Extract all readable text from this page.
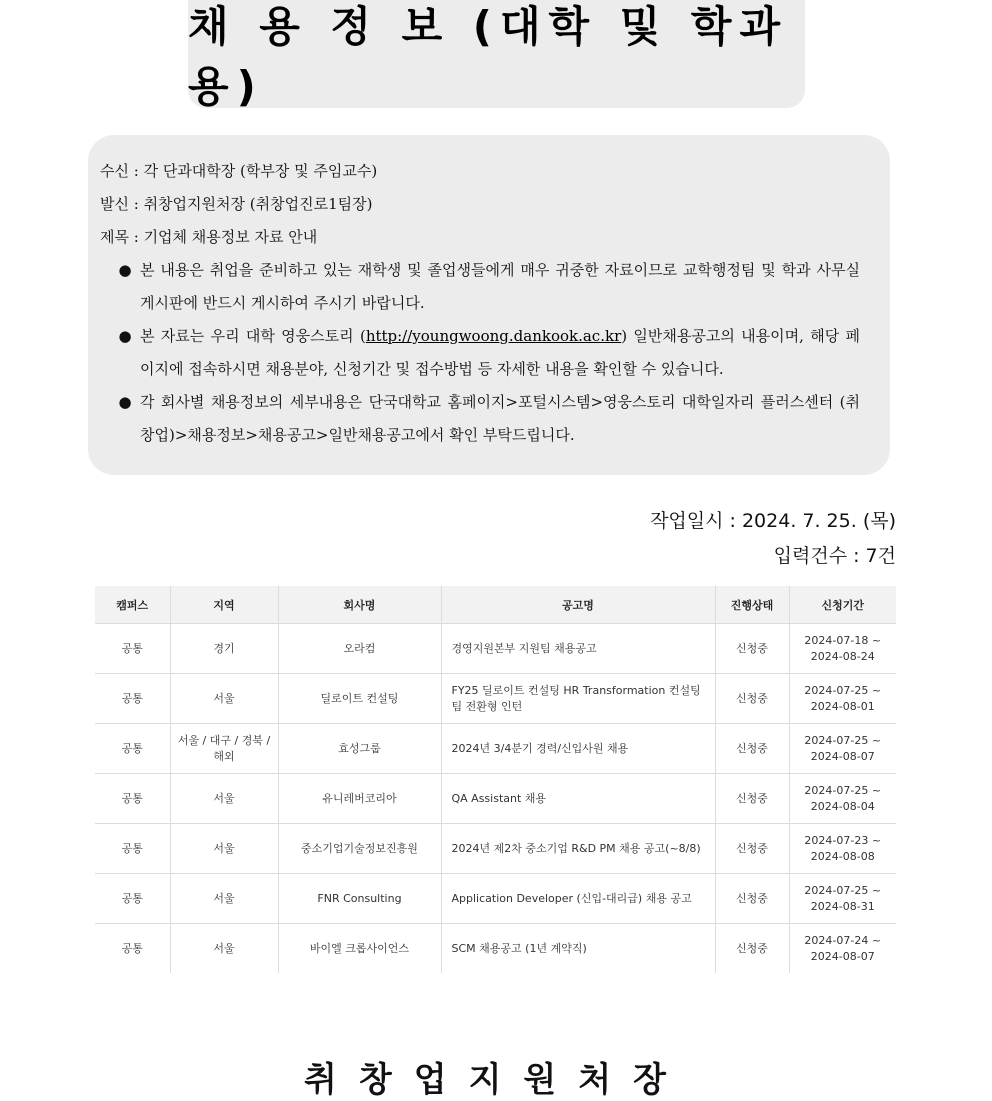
채 용 정 보 (대학 및 학과용)
수신 : 각 단과대학장 (학부장 및 주임교수)
발신 : 취창업지원처장 (취창업진로1팀장)
제목 : 기업체 채용정보 자료 안내
● 본 내용은 취업을 준비하고 있는 재학생 및 졸업생들에게 매우 귀중한 자료이므로 교학행정팀 및 학과 사무실 게시판에 반드시 게시하여 주시기 바랍니다.
● 본 자료는 우리 대학 영웅스토리 (http://youngwoong.dankook.ac.kr) 일반채용공고의 내용이며, 해당 페이지에 접속하시면 채용분야, 신청기간 및 접수방법 등 자세한 내용을 확인할 수 있습니다.
● 각 회사별 채용정보의 세부내용은 단국대학교 홈페이지>포털시스템>영웅스토리 대학일자리 플러스센터 (취창업)>채용정보>채용공고>일반채용공고에서 확인 부탁드립니다.
작업일시 : 2024. 7. 25. (목)
입력건수 : 7건
캠퍼스	지역	회사명	공고명	진행상태	신청기간
공통	경기	오라컴	경영지원본부 지원팀 채용공고	신청중	2024-07-18 ~ 2024-08-24
공통	서울	딜로이트 컨설팅	FY25 딜로이트 컨설팅 HR Transformation 컨설팅팀 전환형 인턴	신청중	2024-07-25 ~ 2024-08-01
공통	서울 / 대구 / 경북 / 해외	효성그룹	2024년 3/4분기 경력/신입사원 채용	신청중	2024-07-25 ~ 2024-08-07
공통	서울	유니레버코리아	QA Assistant 채용	신청중	2024-07-25 ~ 2024-08-04
공통	서울	중소기업기술정보진흥원	2024년 제2차 중소기업 R&D PM 채용 공고(~8/8)	신청중	2024-07-23 ~ 2024-08-08
공통	서울	FNR Consulting	Application Developer (신입-대리급) 채용 공고	신청중	2024-07-25 ~ 2024-08-31
공통	서울	바이엘 크롭사이언스	SCM 채용공고 (1년 계약직)	신청중	2024-07-24 ~ 2024-08-07
취창업지원처장
